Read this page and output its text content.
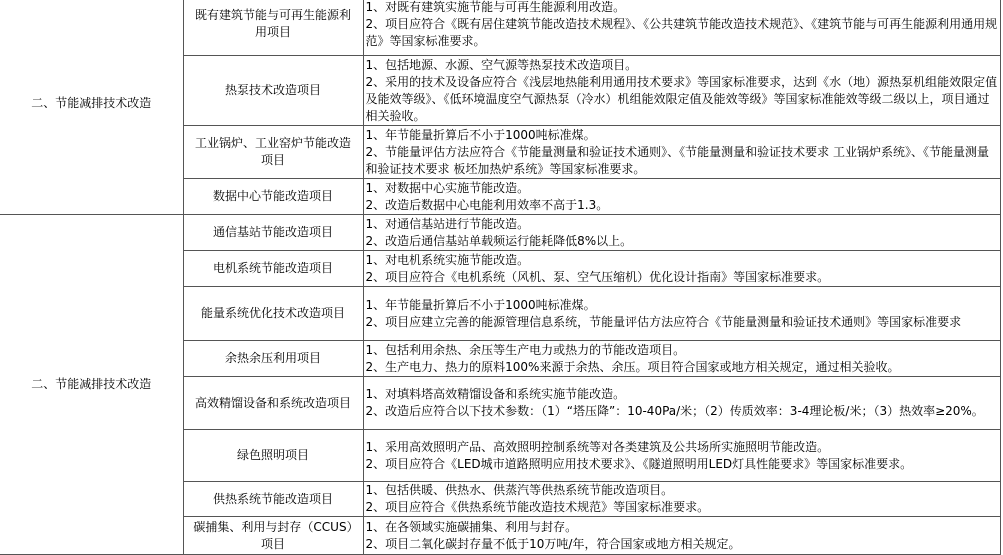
二、节能减排技术改造	既有建筑节能与可再生能源利用项目	1、对既有建筑实施节能与可再生能源利用改造。
2、项目应符合《既有居住建筑节能改造技术规程》、《公共建筑节能改造技术规范》、《建筑节能与可再生能源利用通用规范》等国家标准要求。

	热泵技术改造项目	1、包括地源、水源、空气源等热泵技术改造项目。
2、采用的技术及设备应符合《浅层地热能利用通用技术要求》等国家标准要求，达到《水（地）源热泵机组能效限定值及能效等级》、《低环境温度空气源热泵（冷水）机组能效限定值及能效等级》等国家标准能效等级二级以上，项目通过相关验收。

	工业锅炉、工业窑炉节能改造项目	1、年节能量折算后不小于1000吨标准煤。
2、节能量评估方法应符合《节能量测量和验证技术通则》、《节能量测量和验证技术要求 工业锅炉系统》、《节能量测量和验证技术要求 板坯加热炉系统》等国家标准要求。

	数据中心节能改造项目	1、对数据中心实施节能改造。
2、改造后数据中心电能利用效率不高于1.3。

二、节能减排技术改造	通信基站节能改造项目	1、对通信基站进行节能改造。
2、改造后通信基站单载频运行能耗降低8%以上。

	电机系统节能改造项目	1、对电机系统实施节能改造。
2、项目应符合《电机系统（风机、泵、空气压缩机）优化设计指南》等国家标准要求。

	能量系统优化技术改造项目	1、年节能量折算后不小于1000吨标准煤。
2、项目应建立完善的能源管理信息系统，节能量评估方法应符合《节能量测量和验证技术通则》等国家标准要求

	余热余压利用项目	1、包括利用余热、余压等生产电力或热力的节能改造项目。
2、生产电力、热力的原料100%来源于余热、余压。项目符合国家或地方相关规定，通过相关验收。

	高效精馏设备和系统改造项目	1、对填料塔高效精馏设备和系统实施节能改造。
2、改造后应符合以下技术参数：（1）“塔压降”：10-40Pa/米；（2）传质效率：3-4理论板/米；（3）热效率≥20%。

	绿色照明项目	1、采用高效照明产品、高效照明控制系统等对各类建筑及公共场所实施照明节能改造。
2、项目应符合《LED城市道路照明应用技术要求》、《隧道照明用LED灯具性能要求》等国家标准要求。

	供热系统节能改造项目	1、包括供暖、供热水、供蒸汽等供热系统节能改造项目。
2、项目应符合《供热系统节能改造技术规范》等国家标准要求。

	碳捕集、利用与封存（CCUS）项目	1、在各领域实施碳捕集、利用与封存。
2、项目二氧化碳封存量不低于10万吨/年，符合国家或地方相关规定。
